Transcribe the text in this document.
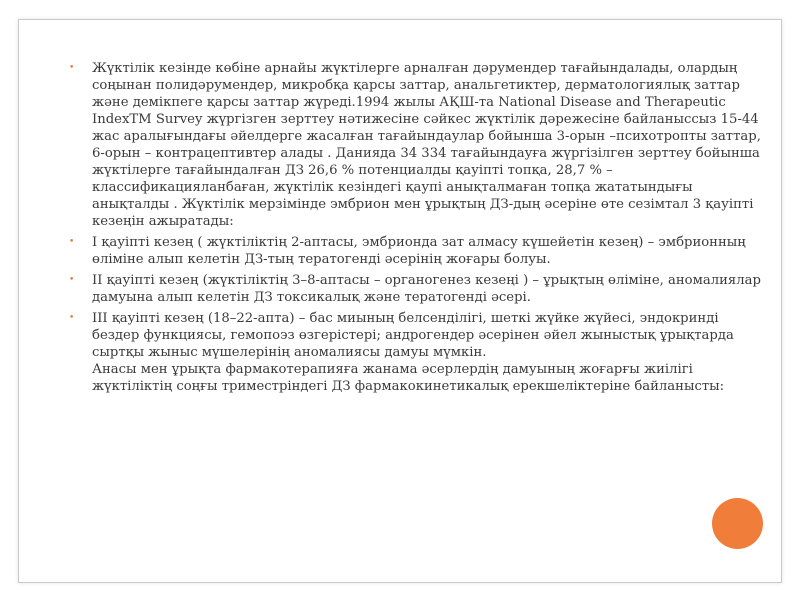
•	Жүктілік кезінде көбіне арнайы жүктілерге арналған дәрумендер тағайындалады, олардың соңынан полидәрумендер, микробқа қарсы заттар, анальгетиктер, дерматологиялық заттар және демікпеге қарсы заттар жүреді.1994 жылы АҚШ-та National Disease and Therapeutic IndexTM Survey жүргізген зерттеу нәтижесіне сәйкес жүктілік дәрежесіне байланыссыз 15-44 жас аралығындағы әйелдерге жасалған тағайындаулар бойынша 3-орын –психотропты заттар, 6-орын – контрацептивтер алады . Данияда 34 334 тағайындауға жүргізілген зерттеу бойынша жүктілерге тағайындалған ДЗ 26,6 % потенциалды қауіпті топқа, 28,7 % – классификацияланбаған, жүктілік кезіндегі қаупі анықталмаған топқа жататындығы анықталды . Жүктілік мерзімінде эмбрион мен ұрықтың ДЗ-дың әсеріне өте сезімтал 3 қауіпті кезеңін ажыратады:
•	I қауіпті кезең ( жүктіліктің 2-аптасы, эмбрионда зат алмасу күшейетін кезең) – эмбрионның өліміне алып келетін ДЗ-тың тератогенді әсерінің жоғары болуы.
•	II қауіпті кезең (жүктіліктің 3–8-аптасы – органогенез кезеңі ) – ұрықтың өліміне, аномалиялар дамуына алып келетін ДЗ токсикалық және тератогенді әсері.
•	III қауіпті кезең (18–22-апта) – бас миының белсенділігі, шеткі жүйке жүйесі, эндокринді бездер функциясы, гемопоэз өзгерістері; андрогендер әсерінен әйел жыныстық ұрықтарда сыртқы жыныс мүшелерінің аномалиясы дамуы мүмкін.
Анасы мен ұрықта фармакотерапияға жанама әсерлердің дамуының жоғарғы жиілігі жүктіліктің соңғы триместріндегі ДЗ фармакокинетикалық ерекшеліктеріне байланысты:
